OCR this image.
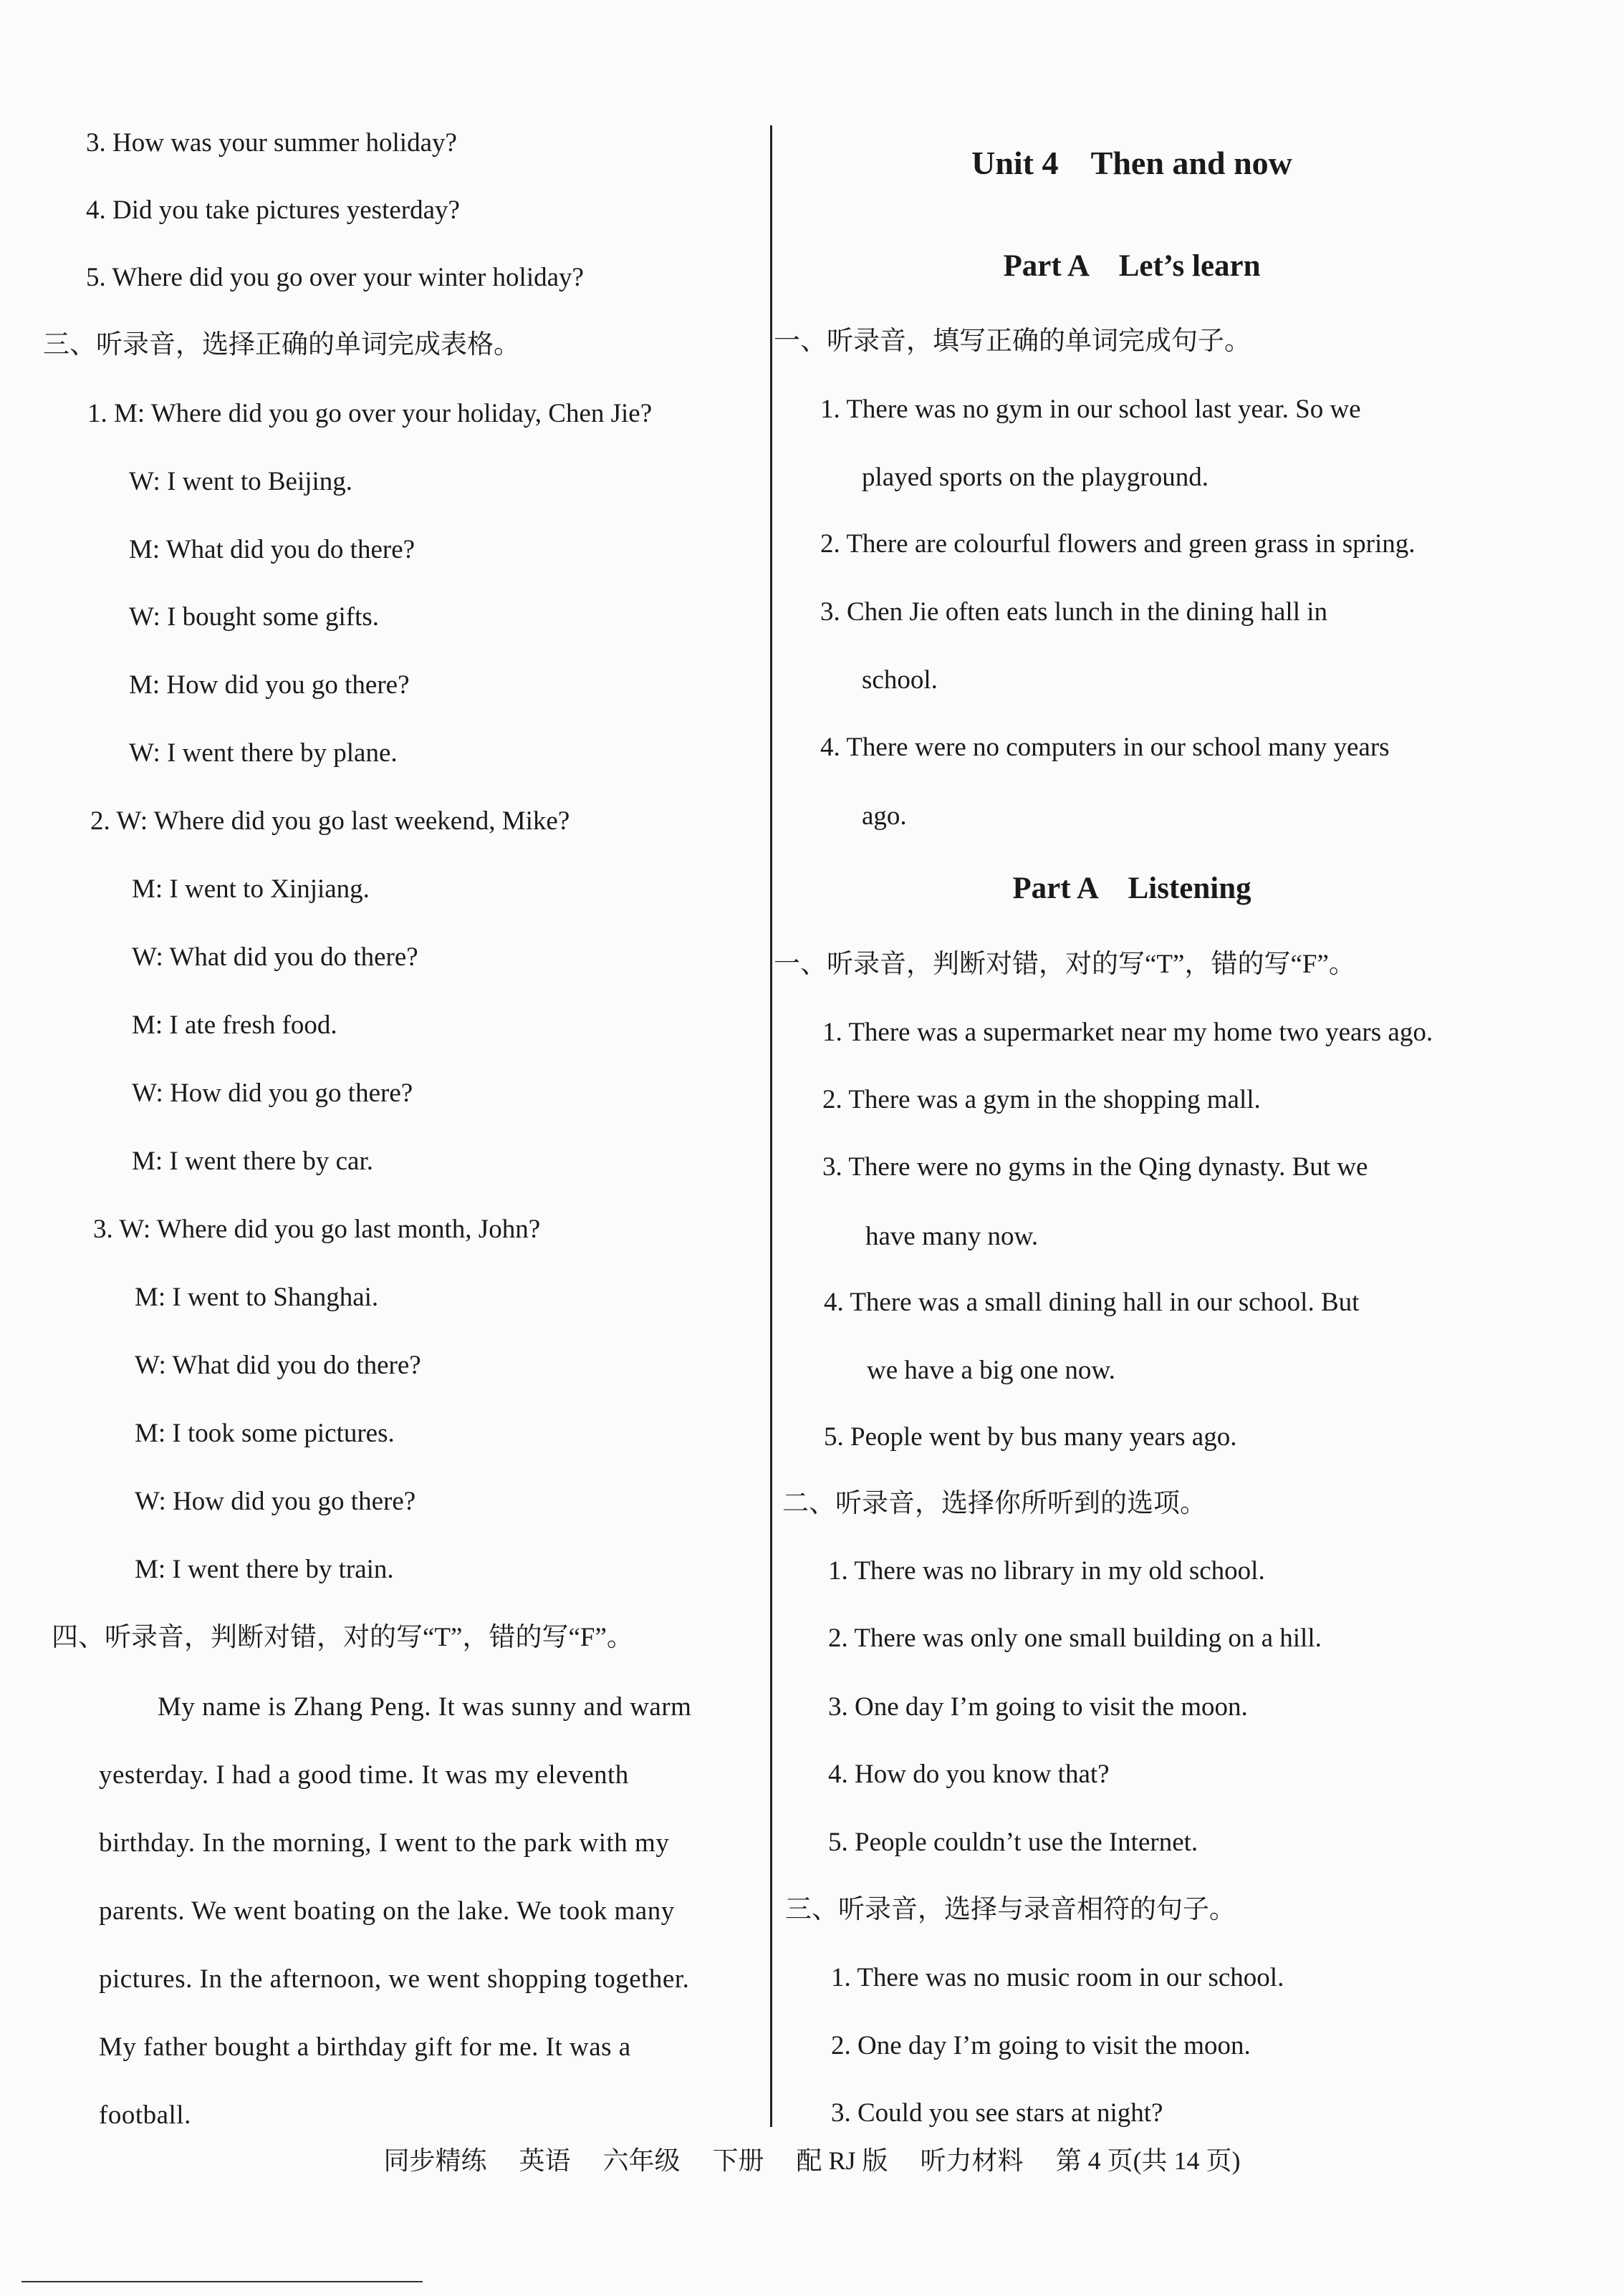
3. How was your summer holiday?
4. Did you take pictures yesterday?
5. Where did you go over your winter holiday?
三、听录音，选择正确的单词完成表格。
1. M: Where did you go over your holiday, Chen Jie?
W: I went to Beijing.
M: What did you do there?
W: I bought some gifts.
M: How did you go there?
W: I went there by plane.
2. W: Where did you go last weekend, Mike?
M: I went to Xinjiang.
W: What did you do there?
M: I ate fresh food.
W: How did you go there?
M: I went there by car.
3. W: Where did you go last month, John?
M: I went to Shanghai.
W: What did you do there?
M: I took some pictures.
W: How did you go there?
M: I went there by train.
四、听录音，判断对错，对的写“T”，错的写“F”。
My name is Zhang Peng. It was sunny and warm
yesterday. I had a good time. It was my eleventh
birthday. In the morning, I went to the park with my
parents. We went boating on the lake. We took many
pictures. In the afternoon, we went shopping together.
My father bought a birthday gift for me. It was a
football.
Unit 4    Then and now
Part A    Let’s learn
一、听录音，填写正确的单词完成句子。
1. There was no gym in our school last year. So we
played sports on the playground.
2. There are colourful flowers and green grass in spring.
3. Chen Jie often eats lunch in the dining hall in
school.
4. There were no computers in our school many years
ago.
Part A    Listening
一、听录音，判断对错，对的写“T”，错的写“F”。
1. There was a supermarket near my home two years ago.
2. There was a gym in the shopping mall.
3. There were no gyms in the Qing dynasty. But we
have many now.
4. There was a small dining hall in our school. But
we have a big one now.
5. People went by bus many years ago.
二、听录音，选择你所听到的选项。
1. There was no library in my old school.
2. There was only one small building on a hill.
3. One day I’m going to visit the moon.
4. How do you know that?
5. People couldn’t use the Internet.
三、听录音，选择与录音相符的句子。
1. There was no music room in our school.
2. One day I’m going to visit the moon.
3. Could you see stars at night?
同步精练 英语 六年级 下册 配 RJ 版 听力材料 第 4 页(共 14 页)
